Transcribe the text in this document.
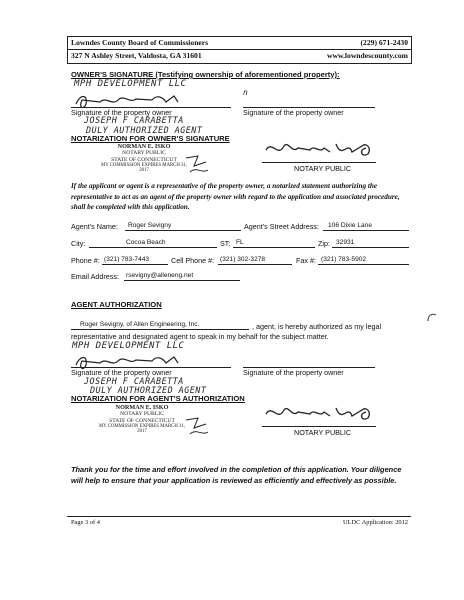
Lowndes County Board of Commissioners	(229) 671-2430
327 N Ashley Street, Valdosta, GA 31601	www.lowndescounty.com
OWNER'S SIGNATURE (Testifying ownership of aforementioned property):
MPH DEVELOPMENT LLC
n
Signature of the property owner	Signature of the property owner
JOSEPH F CARABETTA
DULY AUTHORIZED AGENT
NOTARIZATION FOR OWNER'S SIGNATURE
NORMAN E. ISKO
NOTARY PUBLIC
STATE OF CONNECTICUT
MY COMMISSION EXPIRES MARCH 31, 2017	NOTARY PUBLIC
If the applicant or agent is a representative of the property owner, a notarized statement authorizing the representative to act as an agent of the property owner with regard to the application and associated procedure, shall be completed with this application.
Agent's Name: Roger Sevigny	Agent's Street Address: 106 Dixie Lane
City:	Cocoa Beach	ST: FL	Zip: 32931
Phone #: (321) 783-7443	Cell Phone #: (321) 302-3278	Fax #: (321) 783-5902
Email Address: rsevigny@alleneng.net
AGENT AUTHORIZATION
Roger Sevigny, of Allen Engineering, Inc.	, agent, is hereby authorized as my legal
representative and designated agent to speak in my behalf for the subject matter.
MPH DEVELOPMENT LLC
Signature of the property owner	Signature of the property owner
JOSEPH F CARABETTA
DULY AUTHORIZED AGENT
NOTARIZATION FOR AGENT'S AUTHORIZATION
NORMAN E. ISKO
NOTARY PUBLIC
STATE OF CONNECTICUT
MY COMMISSION EXPIRES MARCH 31, 2017	NOTARY PUBLIC
Thank you for the time and effort involved in the completion of this application. Your diligence will help to ensure that your application is reviewed as efficiently and effectively as possible.
Page 3 of 4	ULDC Application: 2012
